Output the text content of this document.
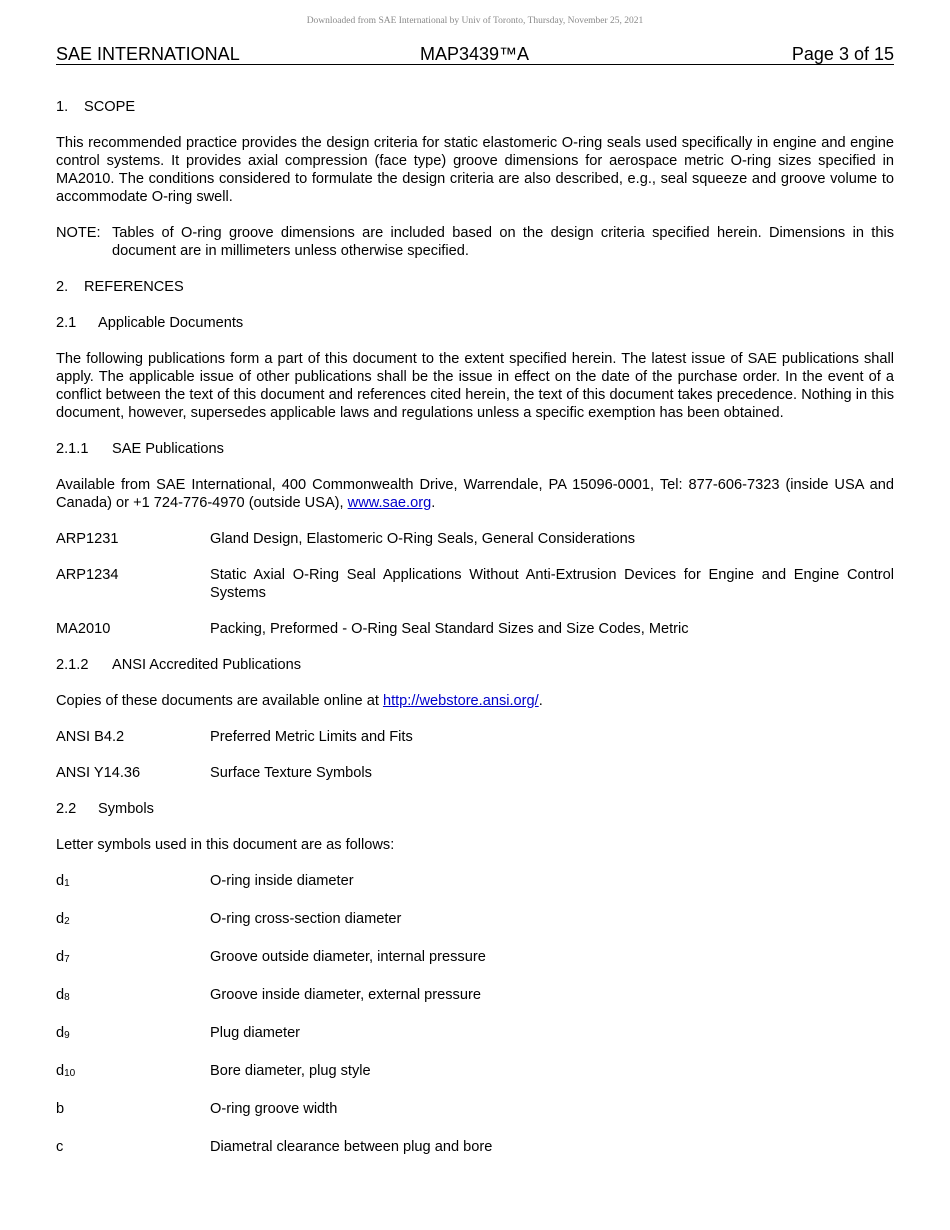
Downloaded from SAE International by Univ of Toronto, Thursday, November 25, 2021
SAE INTERNATIONAL	MAP3439™A	Page 3 of 15
1. SCOPE

This recommended practice provides the design criteria for static elastomeric O-ring seals used specifically in engine and engine control systems. It provides axial compression (face type) groove dimensions for aerospace metric O-ring sizes specified in MA2010. The conditions considered to formulate the design criteria are also described, e.g., seal squeeze and groove volume to accommodate O-ring swell.

NOTE: Tables of O-ring groove dimensions are included based on the design criteria specified herein. Dimensions in this document are in millimeters unless otherwise specified.
2. REFERENCES
2.1 Applicable Documents

The following publications form a part of this document to the extent specified herein. The latest issue of SAE publications shall apply. The applicable issue of other publications shall be the issue in effect on the date of the purchase order. In the event of a conflict between the text of this document and references cited herein, the text of this document takes precedence. Nothing in this document, however, supersedes applicable laws and regulations unless a specific exemption has been obtained.

2.1.1 SAE Publications

Available from SAE International, 400 Commonwealth Drive, Warrendale, PA 15096-0001, Tel: 877-606-7323 (inside USA and Canada) or +1 724-776-4970 (outside USA), www.sae.org.

ARP1231	Gland Design, Elastomeric O-Ring Seals, General Considerations
ARP1234	Static Axial O-Ring Seal Applications Without Anti-Extrusion Devices for Engine and Engine Control Systems
MA2010	Packing, Preformed - O-Ring Seal Standard Sizes and Size Codes, Metric
2.1.2 ANSI Accredited Publications

Copies of these documents are available online at http://webstore.ansi.org/.

ANSI B4.2	Preferred Metric Limits and Fits
ANSI Y14.36	Surface Texture Symbols
2.2 Symbols

Letter symbols used in this document are as follows:

d1	O-ring inside diameter
d2	O-ring cross-section diameter
d7	Groove outside diameter, internal pressure
d8	Groove inside diameter, external pressure
d9	Plug diameter
d10	Bore diameter, plug style
b	O-ring groove width
c	Diametral clearance between plug and bore
